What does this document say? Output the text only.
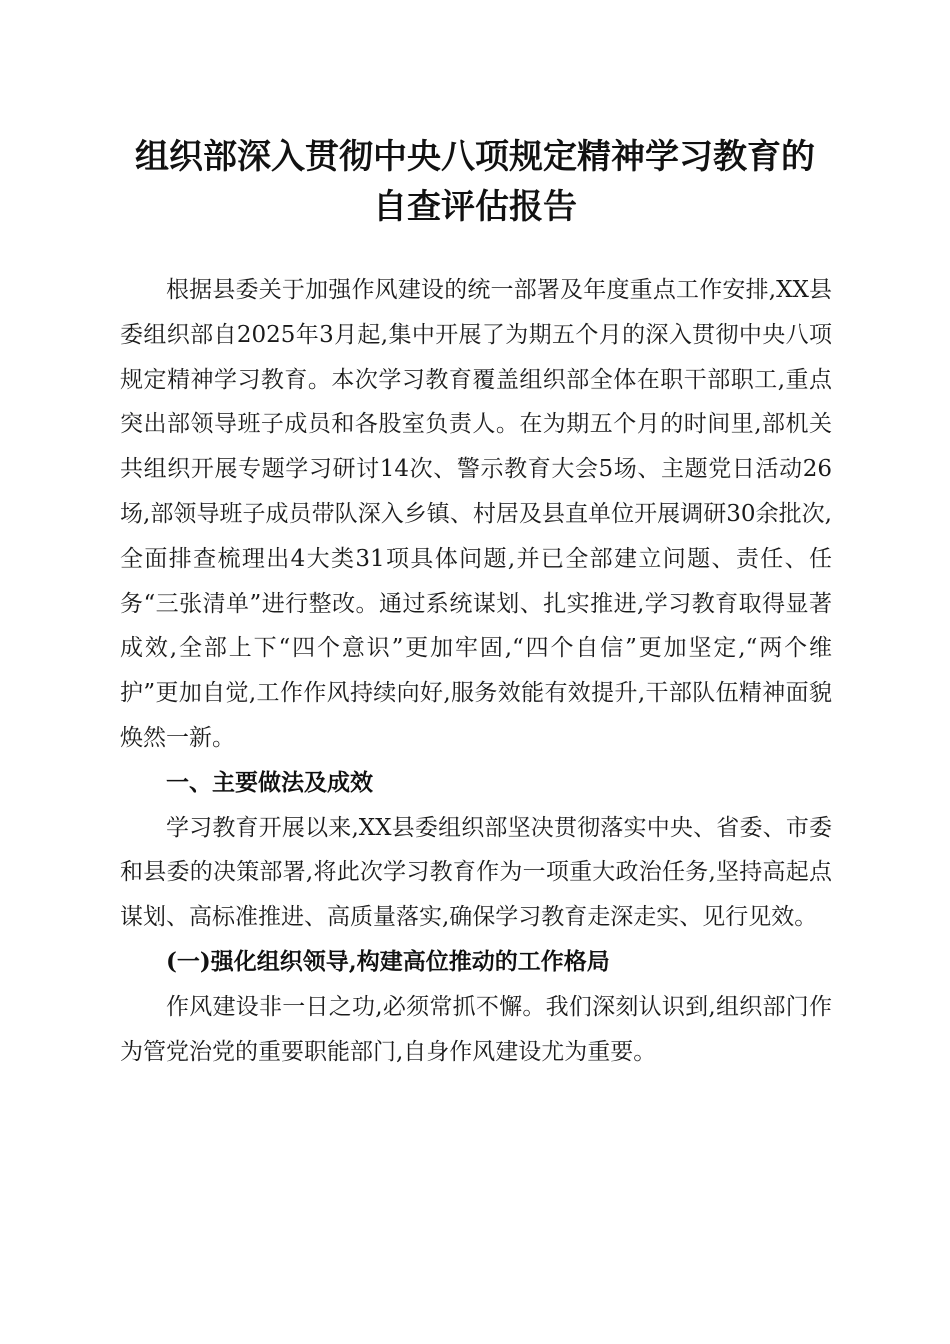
组织部深入贯彻中央八项规定精神学习教育的
自查评估报告

根据县委关于加强作风建设的统一部署及年度重点工作安排,XX县委组织部自2025年3月起,集中开展了为期五个月的深入贯彻中央八项规定精神学习教育。本次学习教育覆盖组织部全体在职干部职工,重点突出部领导班子成员和各股室负责人。在为期五个月的时间里,部机关共组织开展专题学习研讨14次、警示教育大会5场、主题党日活动26场,部领导班子成员带队深入乡镇、村居及县直单位开展调研30余批次,全面排查梳理出4大类31项具体问题,并已全部建立问题、责任、任务“三张清单”进行整改。通过系统谋划、扎实推进,学习教育取得显著成效,全部上下“四个意识”更加牢固,“四个自信”更加坚定,“两个维护”更加自觉,工作作风持续向好,服务效能有效提升,干部队伍精神面貌焕然一新。

一、主要做法及成效

学习教育开展以来,XX县委组织部坚决贯彻落实中央、省委、市委和县委的决策部署,将此次学习教育作为一项重大政治任务,坚持高起点谋划、高标准推进、高质量落实,确保学习教育走深走实、见行见效。

(一)强化组织领导,构建高位推动的工作格局

作风建设非一日之功,必须常抓不懈。我们深刻认识到,组织部门作为管党治党的重要职能部门,自身作风建设尤为重要。
